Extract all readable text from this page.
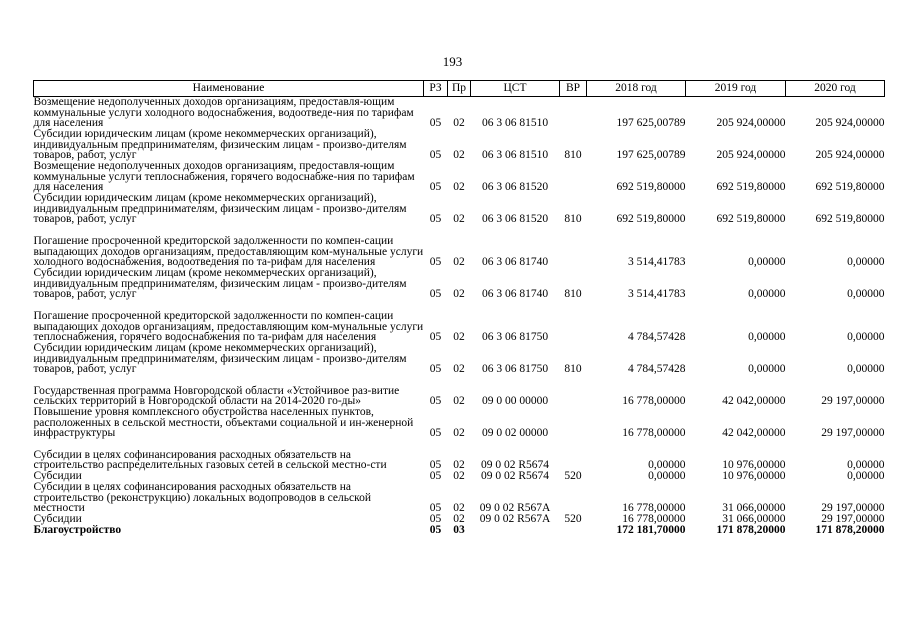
193
Наименование	РЗ	Пр	ЦСТ	ВР	2018 год	2019 год	2020 год
Возмещение недополученных доходов организациям, предоставля-ющим коммунальные услуги холодного водоснабжения, водоотведе-ния по тарифам для населения	05	02	06 3 06 81510		197 625,00789	205 924,00000	205 924,00000
Субсидии юридическим лицам (кроме некоммерческих организаций), индивидуальным предпринимателям, физическим лицам - произво-дителям товаров, работ, услуг	05	02	06 3 06 81510	810	197 625,00789	205 924,00000	205 924,00000
Возмещение недополученных доходов организациям, предоставля-ющим коммунальные услуги теплоснабжения, горячего водоснабже-ния по тарифам для населения	05	02	06 3 06 81520		692 519,80000	692 519,80000	692 519,80000
Субсидии юридическим лицам (кроме некоммерческих организаций), индивидуальным предпринимателям, физическим лицам - произво-дителям товаров, работ, услуг	05	02	06 3 06 81520	810	692 519,80000	692 519,80000	692 519,80000
Погашение просроченной кредиторской задолженности по компен-сации выпадающих доходов организациям, предоставляющим ком-мунальные услуги холодного водоснабжения, водоотведения по та-рифам для населения	05	02	06 3 06 81740		3 514,41783	0,00000	0,00000
Субсидии юридическим лицам (кроме некоммерческих организаций), индивидуальным предпринимателям, физическим лицам - произво-дителям товаров, работ, услуг	05	02	06 3 06 81740	810	3 514,41783	0,00000	0,00000
Погашение просроченной кредиторской задолженности по компен-сации выпадающих доходов организациям, предоставляющим ком-мунальные услуги теплоснабжения, горячего водоснабжения по та-рифам для населения	05	02	06 3 06 81750		4 784,57428	0,00000	0,00000
Субсидии юридическим лицам (кроме некоммерческих организаций), индивидуальным предпринимателям, физическим лицам - произво-дителям товаров, работ, услуг	05	02	06 3 06 81750	810	4 784,57428	0,00000	0,00000
Государственная программа Новгородской области «Устойчивое раз-витие сельских территорий в Новгородской области на 2014-2020 го-ды»	05	02	09 0 00 00000		16 778,00000	42 042,00000	29 197,00000
Повышение уровня комплексного обустройства населенных пунктов, расположенных в сельской местности, объектами социальной и ин-женерной инфраструктуры	05	02	09 0 02 00000		16 778,00000	42 042,00000	29 197,00000
Субсидии в целях софинансирования расходных обязательств на строительство распределительных газовых сетей в сельской местно-сти	05	02	09 0 02 R5674		0,00000	10 976,00000	0,00000
Субсидии	05	02	09 0 02 R5674	520	0,00000	10 976,00000	0,00000
Субсидии в целях софинансирования расходных обязательств на строительство (реконструкцию) локальных водопроводов в сельской местности	05	02	09 0 02 R567A		16 778,00000	31 066,00000	29 197,00000
Субсидии	05	02	09 0 02 R567A	520	16 778,00000	31 066,00000	29 197,00000
Благоустройство	05	03			172 181,70000	171 878,20000	171 878,20000
